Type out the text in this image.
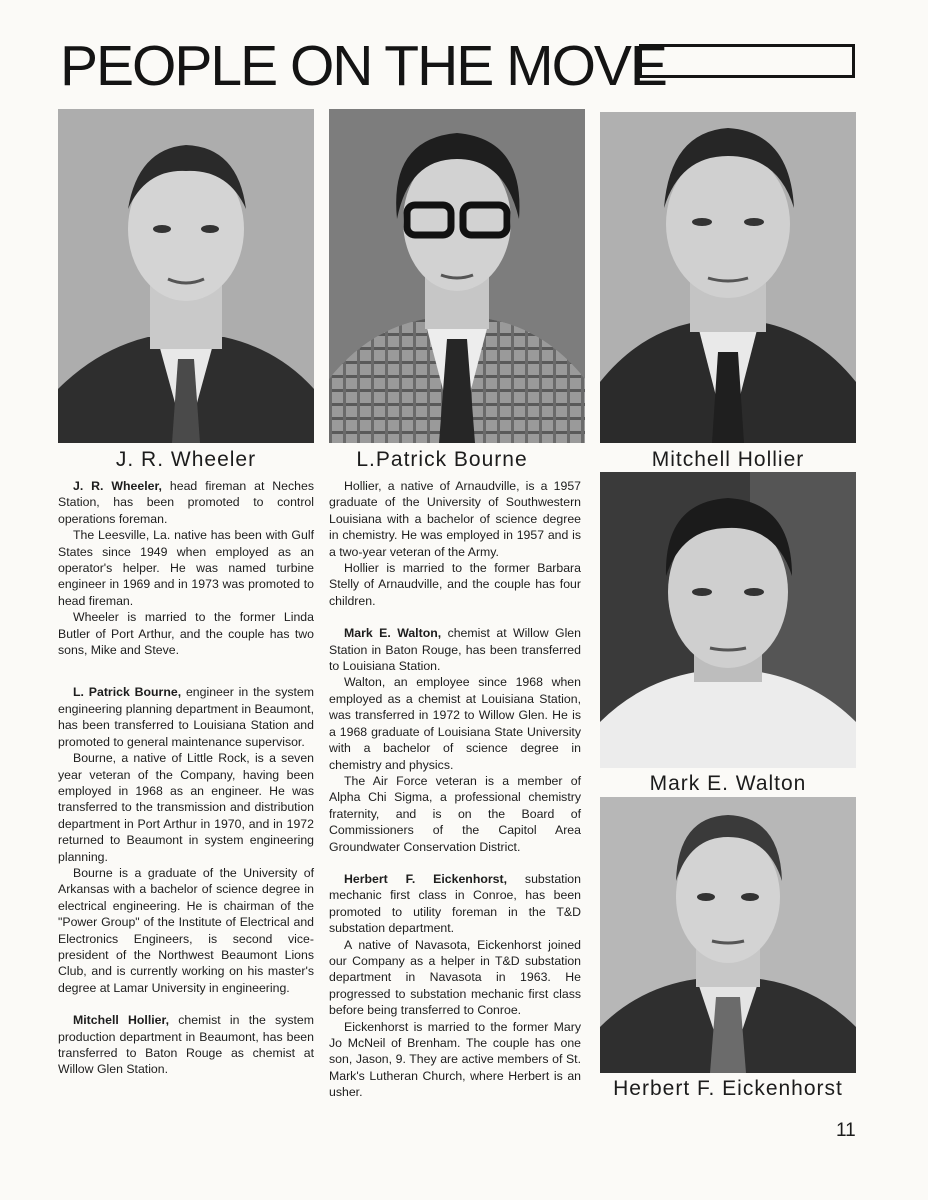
PEOPLE ON THE MOVE
J. R. Wheeler	L.Patrick Bourne	Mitchell Hollier
Mark E. Walton
Herbert F. Eickenhorst

J. R. Wheeler, head fireman at Neches Station, has been promoted to control operations foreman.

The Leesville, La. native has been with Gulf States since 1949 when employed as an operator's helper. He was named turbine engineer in 1969 and in 1973 was promoted to head fireman.

Wheeler is married to the former Linda Butler of Port Arthur, and the couple has two sons, Mike and Steve.

L. Patrick Bourne, engineer in the system engineering planning department in Beaumont, has been transferred to Louisiana Station and promoted to general maintenance supervisor.

Bourne, a native of Little Rock, is a seven year veteran of the Company, having been employed in 1968 as an engineer. He was transferred to the transmission and distribution department in Port Arthur in 1970, and in 1972 returned to Beaumont in system engineering planning.

Bourne is a graduate of the University of Arkansas with a bachelor of science degree in electrical engineering. He is chairman of the "Power Group" of the Institute of Electrical and Electronics Engineers, is second vice-president of the Northwest Beaumont Lions Club, and is currently working on his master's degree at Lamar University in engineering.

Mitchell Hollier, chemist in the system production department in Beaumont, has been transferred to Baton Rouge as chemist at Willow Glen Station.

Hollier, a native of Arnaudville, is a 1957 graduate of the University of Southwestern Louisiana with a bachelor of science degree in chemistry. He was employed in 1957 and is a two-year veteran of the Army.

Hollier is married to the former Barbara Stelly of Arnaudville, and the couple has four children.

Mark E. Walton, chemist at Willow Glen Station in Baton Rouge, has been transferred to Louisiana Station.

Walton, an employee since 1968 when employed as a chemist at Louisiana Station, was transferred in 1972 to Willow Glen. He is a 1968 graduate of Louisiana State University with a bachelor of science degree in chemistry and physics.

The Air Force veteran is a member of Alpha Chi Sigma, a professional chemistry fraternity, and is on the Board of Commissioners of the Capitol Area Groundwater Conservation District.

Herbert F. Eickenhorst, substation mechanic first class in Conroe, has been promoted to utility foreman in the T&D substation department.

A native of Navasota, Eickenhorst joined our Company as a helper in T&D substation department in Navasota in 1963. He progressed to substation mechanic first class before being transferred to Conroe.

Eickenhorst is married to the former Mary Jo McNeil of Brenham. The couple has one son, Jason, 9. They are active members of St. Mark's Lutheran Church, where Herbert is an usher.

11
